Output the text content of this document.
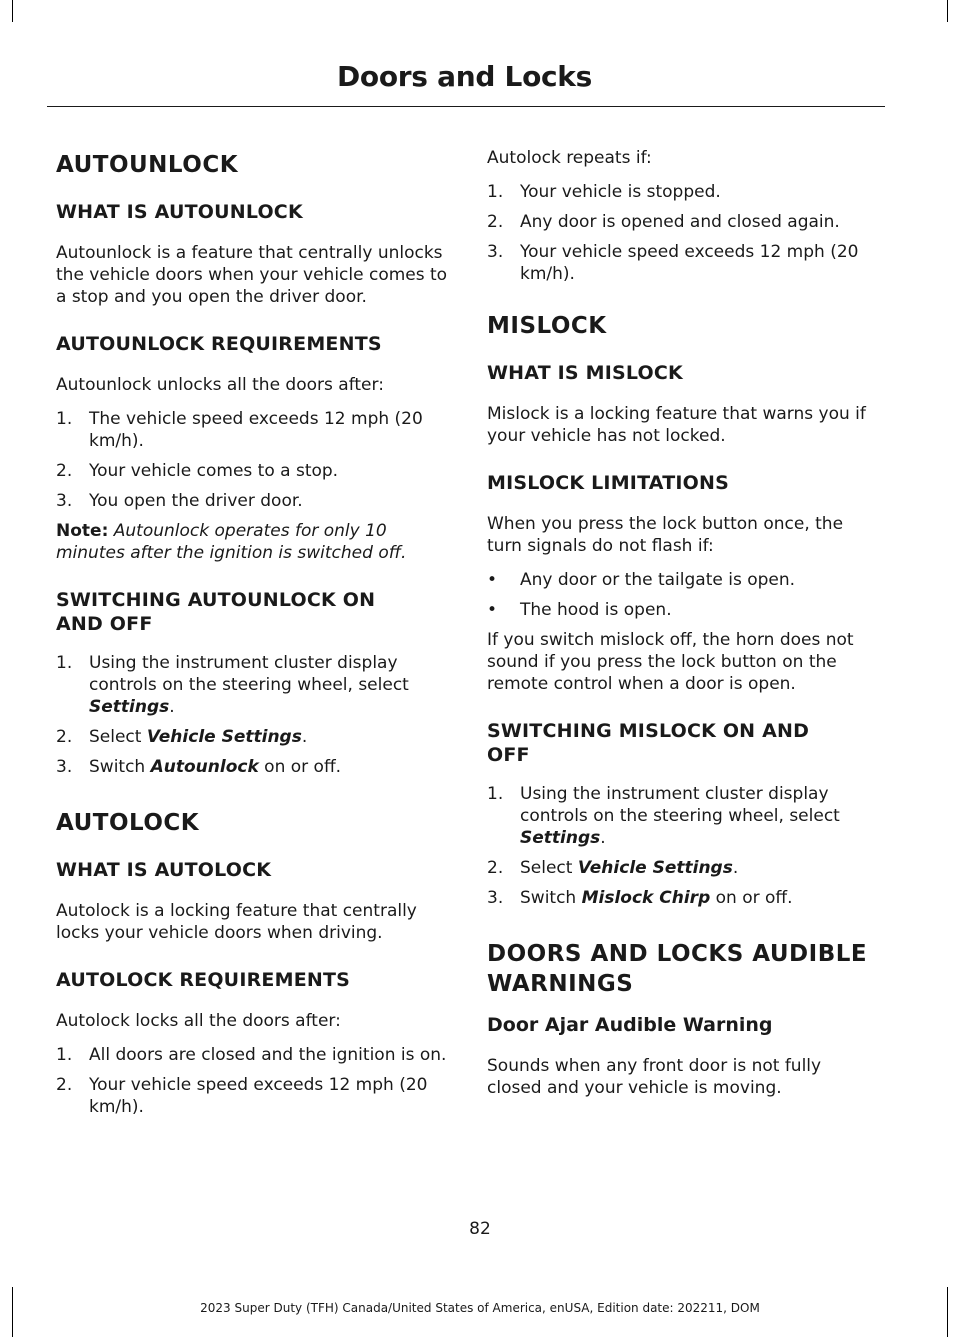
Doors and Locks
AUTOUNLOCK
WHAT IS AUTOUNLOCK

Autounlock is a feature that centrally unlocks the vehicle doors when your vehicle comes to a stop and you open the driver door.

AUTOUNLOCK REQUIREMENTS

Autounlock unlocks all the doors after:

1. The vehicle speed exceeds 12 mph (20 km/h).
2. Your vehicle comes to a stop.
3. You open the driver door.

Note: Autounlock operates for only 10 minutes after the ignition is switched off.

SWITCHING AUTOUNLOCK ON AND OFF
1. Using the instrument cluster display controls on the steering wheel, select Settings.
2. Select Vehicle Settings.
3. Switch Autounlock on or off.
AUTOLOCK
WHAT IS AUTOLOCK

Autolock is a locking feature that centrally locks your vehicle doors when driving.

AUTOLOCK REQUIREMENTS

Autolock locks all the doors after:

1. All doors are closed and the ignition is on.
2. Your vehicle speed exceeds 12 mph (20 km/h).

Autolock repeats if:

1. Your vehicle is stopped.
2. Any door is opened and closed again.
3. Your vehicle speed exceeds 12 mph (20 km/h).
MISLOCK
WHAT IS MISLOCK

Mislock is a locking feature that warns you if your vehicle has not locked.

MISLOCK LIMITATIONS

When you press the lock button once, the turn signals do not flash if:

• Any door or the tailgate is open.
• The hood is open.

If you switch mislock off, the horn does not sound if you press the lock button on the remote control when a door is open.

SWITCHING MISLOCK ON AND OFF
1. Using the instrument cluster display controls on the steering wheel, select Settings.
2. Select Vehicle Settings.
3. Switch Mislock Chirp on or off.
DOORS AND LOCKS AUDIBLE
WARNINGS
Door Ajar Audible Warning

Sounds when any front door is not fully closed and your vehicle is moving.

82

2023 Super Duty (TFH) Canada/United States of America, enUSA, Edition date: 202211, DOM
